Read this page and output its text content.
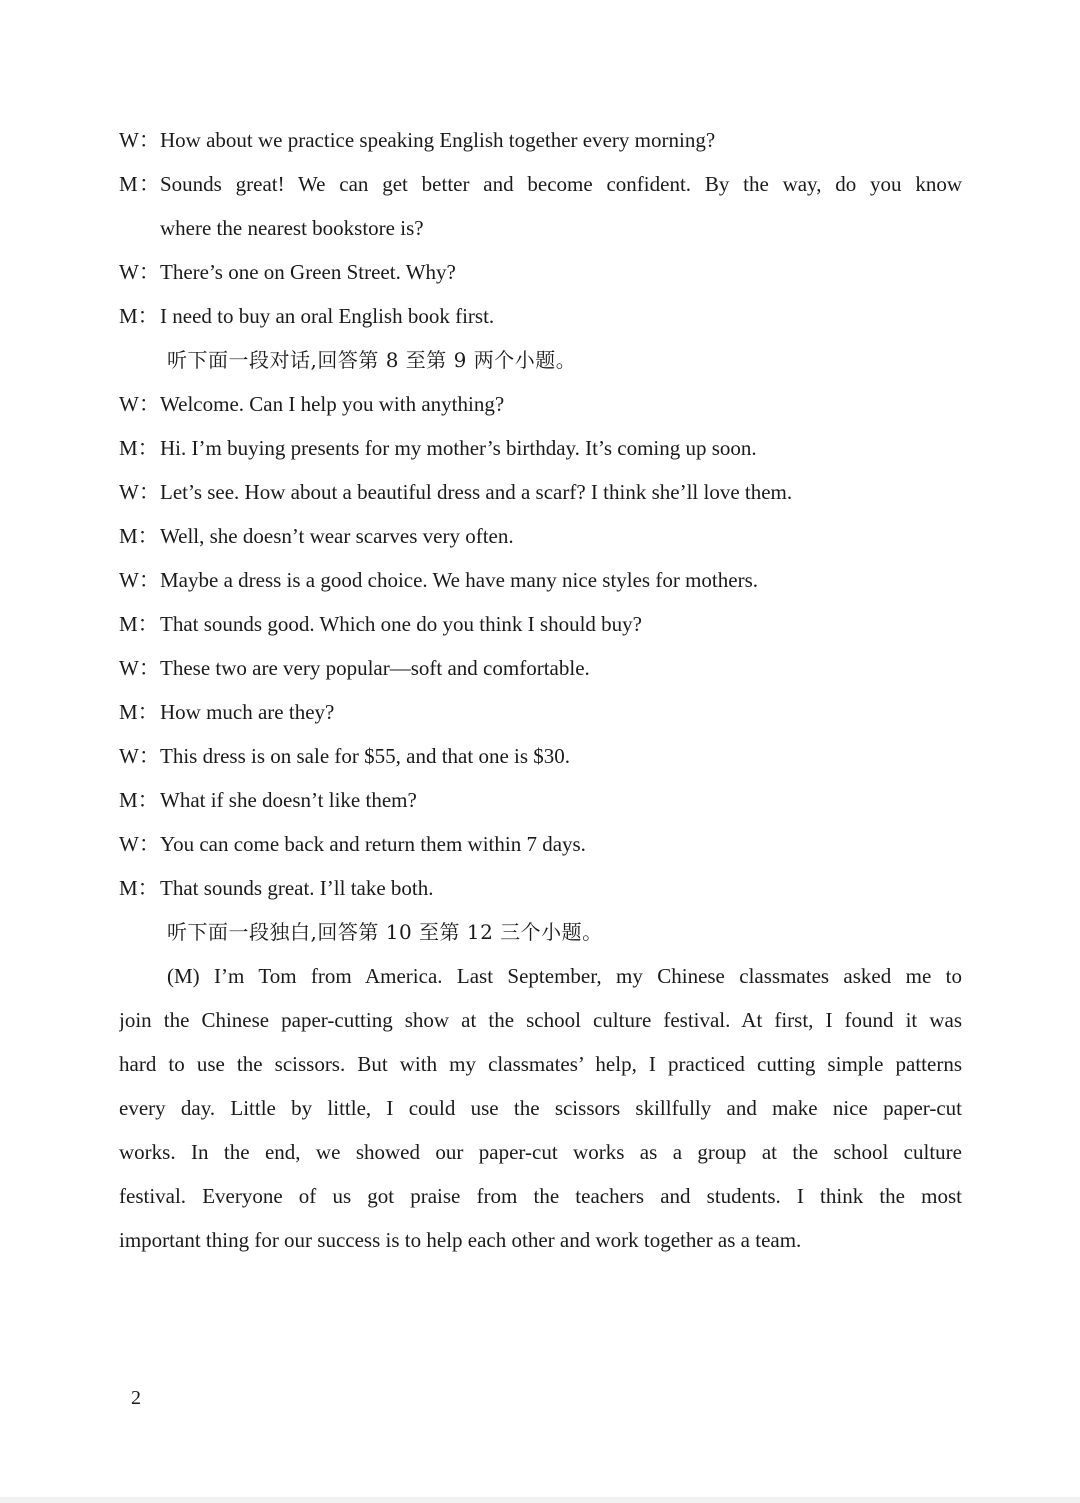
W：How about we practice speaking English together every morning?
M：Sounds great! We can get better and become confident. By the way, do you know
where the nearest bookstore is?
W：There’s one on Green Street. Why?
M：I need to buy an oral English book first.
听下面一段对话,回答第 8 至第 9 两个小题。
W：Welcome. Can I help you with anything?
M：Hi. I’m buying presents for my mother’s birthday. It’s coming up soon.
W：Let’s see. How about a beautiful dress and a scarf? I think she’ll love them.
M：Well, she doesn’t wear scarves very often.
W：Maybe a dress is a good choice. We have many nice styles for mothers.
M：That sounds good. Which one do you think I should buy?
W：These two are very popular—soft and comfortable.
M：How much are they?
W：This dress is on sale for $55, and that one is $30.
M：What if she doesn’t like them?
W：You can come back and return them within 7 days.
M：That sounds great. I’ll take both.
听下面一段独白,回答第 10 至第 12 三个小题。
(M) I’m Tom from America. Last September, my Chinese classmates asked me to
join the Chinese paper-cutting show at the school culture festival. At first, I found it was
hard to use the scissors. But with my classmates’ help, I practiced cutting simple patterns
every day. Little by little, I could use the scissors skillfully and make nice paper-cut
works. In the end, we showed our paper-cut works as a group at the school culture
festival. Everyone of us got praise from the teachers and students. I think the most
important thing for our success is to help each other and work together as a team.
2
